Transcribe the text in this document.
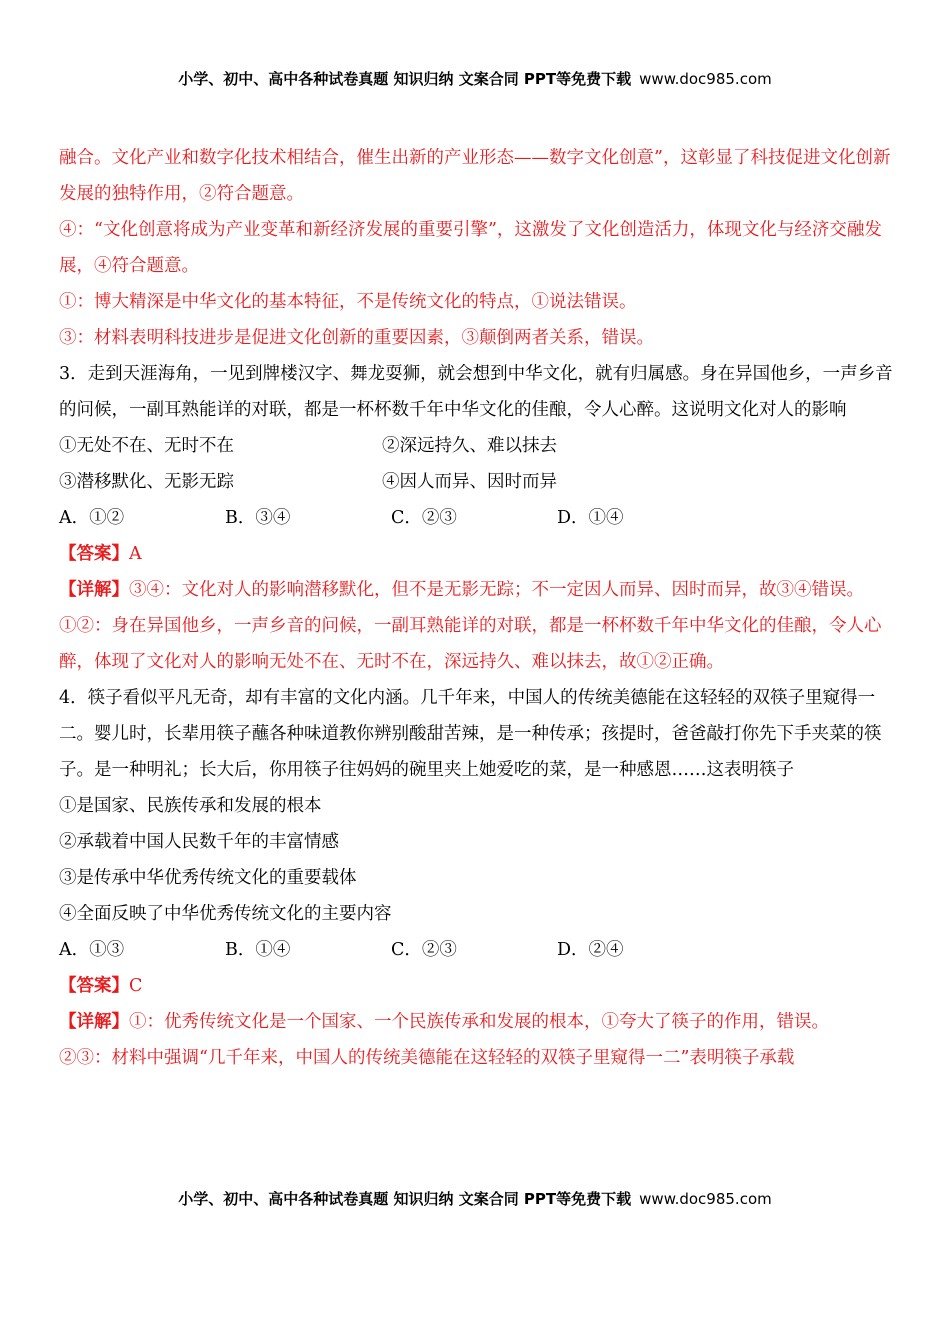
小学、初中、高中各种试卷真题 知识归纳 文案合同 PPT等免费下载 www.doc985.com

融合。文化产业和数字化技术相结合，催生出新的产业形态——数字文化创意”，这彰显了科技促进文化创新发展的独特作用，②符合题意。

④：“文化创意将成为产业变革和新经济发展的重要引擎”，这激发了文化创造活力，体现文化与经济交融发展，④符合题意。

①：博大精深是中华文化的基本特征，不是传统文化的特点，①说法错误。

③：材料表明科技进步是促进文化创新的重要因素，③颠倒两者关系，错误。

3．走到天涯海角，一见到牌楼汉字、舞龙耍狮，就会想到中华文化，就有归属感。身在异国他乡，一声乡音的问候，一副耳熟能详的对联，都是一杯杯数千年中华文化的佳酿，令人心醉。这说明文化对人的影响

①无处不在、无时不在	②深远持久、难以抹去
③潜移默化、无影无踪	④因人而异、因时而异
A．①②	B．③④	C．②③	D．①④

【答案】A

【详解】③④：文化对人的影响潜移默化，但不是无影无踪；不一定因人而异、因时而异，故③④错误。

①②：身在异国他乡，一声乡音的问候，一副耳熟能详的对联，都是一杯杯数千年中华文化的佳酿，令人心醉，体现了文化对人的影响无处不在、无时不在，深远持久、难以抹去，故①②正确。

4．筷子看似平凡无奇，却有丰富的文化内涵。几千年来，中国人的传统美德能在这轻轻的双筷子里窥得一二。婴儿时，长辈用筷子蘸各种味道教你辨别酸甜苦辣，是一种传承；孩提时，爸爸敲打你先下手夹菜的筷子。是一种明礼；长大后，你用筷子往妈妈的碗里夹上她爱吃的菜，是一种感恩……这表明筷子

①是国家、民族传承和发展的根本

②承载着中国人民数千年的丰富情感

③是传承中华优秀传统文化的重要载体

④全面反映了中华优秀传统文化的主要内容

A．①③	B．①④	C．②③	D．②④

【答案】C

【详解】①：优秀传统文化是一个国家、一个民族传承和发展的根本，①夸大了筷子的作用，错误。

②③：材料中强调“几千年来，中国人的传统美德能在这轻轻的双筷子里窥得一二”表明筷子承载

小学、初中、高中各种试卷真题 知识归纳 文案合同 PPT等免费下载 www.doc985.com
